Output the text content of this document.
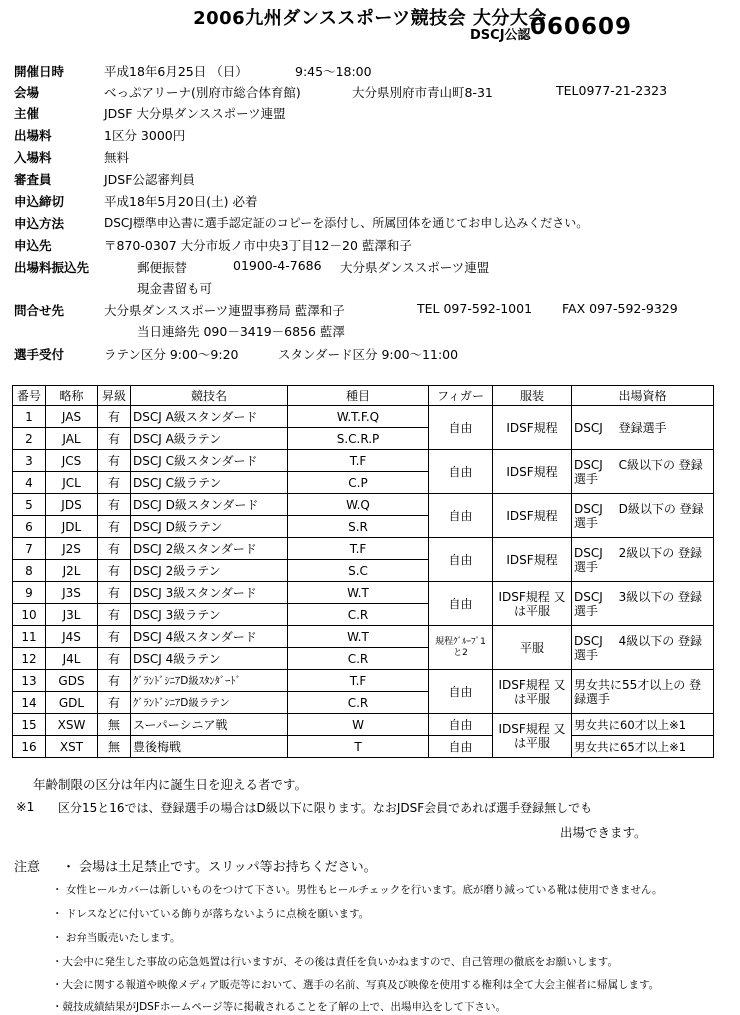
2006九州ダンススポーツ競技会 大分大会
DSCJ公認 060609
開催日時	平成18年6月25日 （日）	9:45～18:00
会場	べっぷアリーナ(別府市総合体育館)	大分県別府市青山町8-31	TEL0977-21-2323
主催	JDSF 大分県ダンススポーツ連盟
出場料	1区分 3000円
入場料	無料
審査員	JDSF公認審判員
申込締切	平成18年5月20日(土) 必着
申込方法	DSCJ標準申込書に選手認定証のコピーを添付し、所属団体を通じてお申し込みください。
申込先	〒870-0307 大分市坂ノ市中央3丁目12－20 藍澤和子
出場料振込先	郵便振替	01900-4-7686 大分県ダンススポーツ連盟
現金書留も可
問合せ先	大分県ダンススポーツ連盟事務局 藍澤和子	TEL 097-592-1001 FAX 097-592-9329
当日連絡先 090－3419－6856 藍澤
選手受付	ラテン区分 9:00～9:20	スタンダード区分 9:00～11:00
番号	略称	昇級	競技名	種目	フィガー	服装	出場資格
1	JAS	有	DSCJ A級スタンダード	W.T.F.Q	自由	IDSF規程	DSCJ　 登録選手
2	JAL	有	DSCJ A級ラテン	S.C.R.P			
3	JCS	有	DSCJ C級スタンダード	T.F	自由	IDSF規程	DSCJ　 C級以下の 登録選手
4	JCL	有	DSCJ C級ラテン	C.P			
5	JDS	有	DSCJ D級スタンダード	W.Q	自由	IDSF規程	DSCJ　 D級以下の 登録選手
6	JDL	有	DSCJ D級ラテン	S.R			
7	J2S	有	DSCJ 2級スタンダード	T.F	自由	IDSF規程	DSCJ　 2級以下の 登録選手
8	J2L	有	DSCJ 2級ラテン	S.C			
9	J3S	有	DSCJ 3級スタンダード	W.T	自由	IDSF規程 又は平服	DSCJ　 3級以下の 登録選手
10	J3L	有	DSCJ 3級ラテン	C.R			
11	J4S	有	DSCJ 4級スタンダード	W.T	規程ｸﾞﾙｰﾌﾟ1と2	平服	DSCJ　 4級以下の 登録選手
12	J4L	有	DSCJ 4級ラテン	C.R			
13	GDS	有	ｸﾞﾗﾝﾄﾞｼﾆｱD級ｽﾀﾝﾀﾞｰﾄﾞ	T.F	自由	IDSF規程 又は平服	男女共に55才以上の 登録選手
14	GDL	有	ｸﾞﾗﾝﾄﾞｼﾆｱD級ラテン	C.R			
15	XSW	無	スーパーシニア戦	W	自由	IDSF規程 又は平服	男女共に60才以上※1
16	XST	無	豊後梅戦	T	自由		男女共に65才以上※1
年齢制限の区分は年内に誕生日を迎える者です。
※1 区分15と16では、登録選手の場合はD級以下に限ります。なおJDSF会員であれば選手登録無しでも
出場できます。
注意 ・ 会場は土足禁止です。スリッパ等お持ちください。
・ 女性ヒールカバーは新しいものをつけて下さい。男性もヒールチェックを行います。底が磨り減っている靴は使用できません。
・ ドレスなどに付いている飾りが落ちないように点検を願います。
・ お弁当販売いたします。
・大会中に発生した事故の応急処置は行いますが、その後は責任を負いかねますので、自己管理の徹底をお願いします。
・大会に関する報道や映像メディア販売等において、選手の名前、写真及び映像を使用する権利は全て大会主催者に帰属します。
・競技成績結果がJDSFホームページ等に掲載されることを了解の上で、出場申込をして下さい。
